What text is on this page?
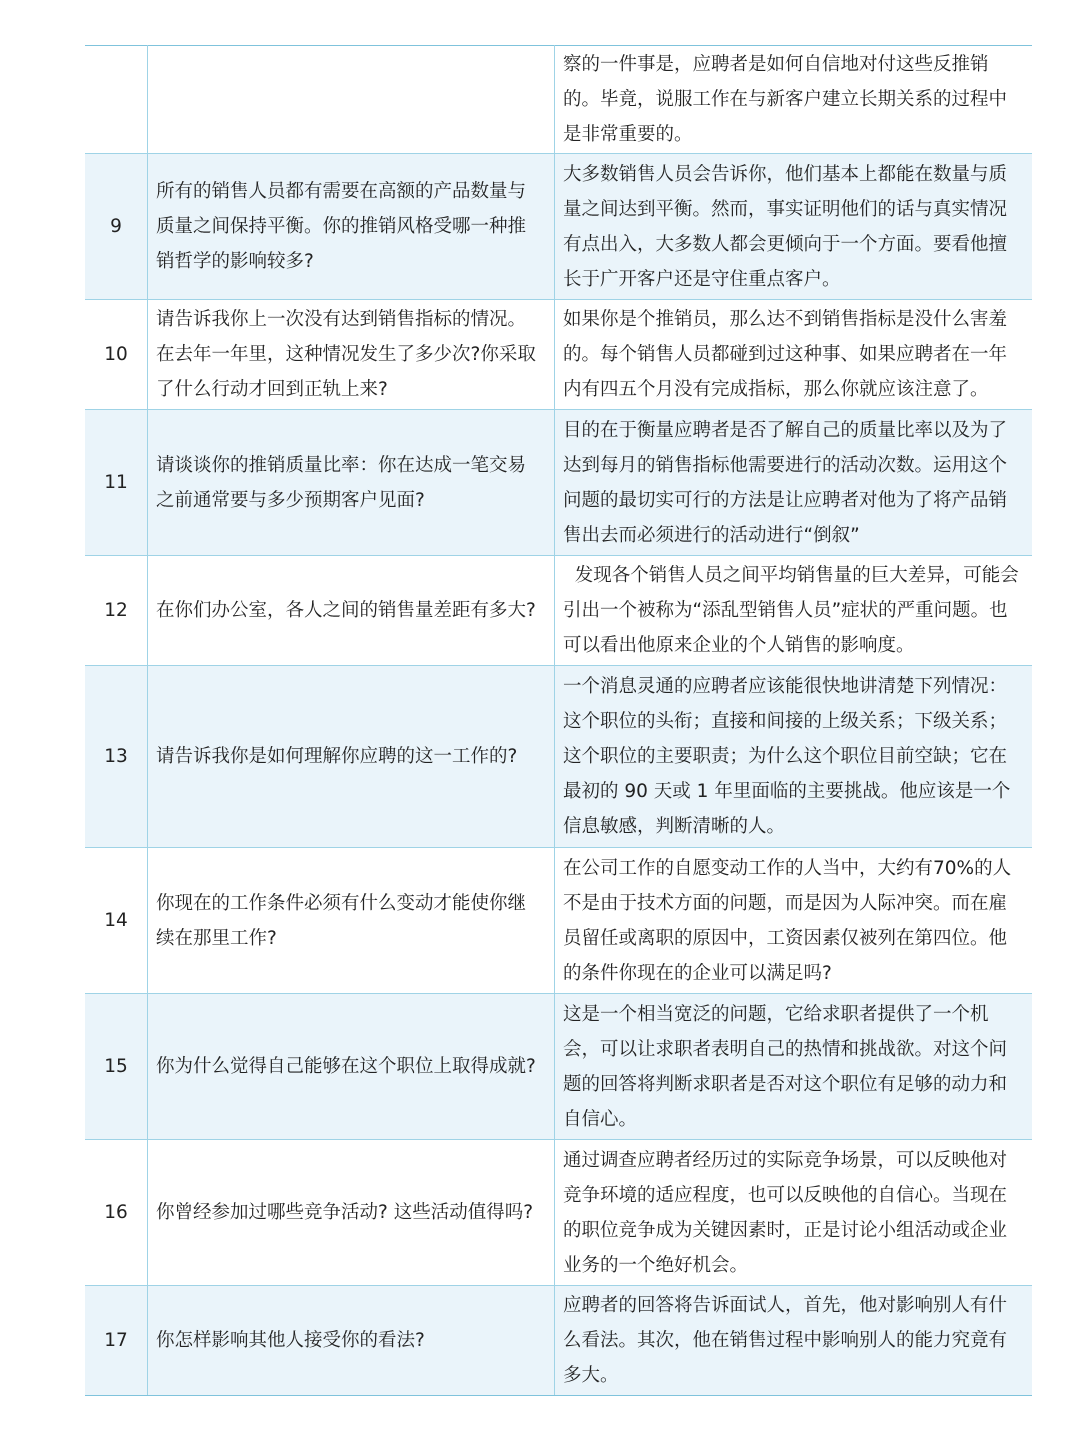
		察的一件事是，应聘者是如何自信地对付这些反推销的。毕竟，说服工作在与新客户建立长期关系的过程中是非常重要的。

9	所有的销售人员都有需要在高额的产品数量与质量之间保持平衡。你的推销风格受哪一种推销哲学的影响较多?	大多数销售人员会告诉你，他们基本上都能在数量与质量之间达到平衡。然而，事实证明他们的话与真实情况有点出入，大多数人都会更倾向于一个方面。要看他擅长于广开客户还是守住重点客户。

10	请告诉我你上一次没有达到销售指标的情况。在去年一年里，这种情况发生了多少次?你采取了什么行动才回到正轨上来?	如果你是个推销员，那么达不到销售指标是没什么害羞的。每个销售人员都碰到过这种事、如果应聘者在一年内有四五个月没有完成指标，那么你就应该注意了。

11	请谈谈你的推销质量比率：你在达成一笔交易之前通常要与多少预期客户见面?	目的在于衡量应聘者是否了解自己的质量比率以及为了达到每月的销售指标他需要进行的活动次数。运用这个问题的最切实可行的方法是让应聘者对他为了将产品销售出去而必须进行的活动进行“倒叙”

12	在你们办公室，各人之间的销售量差距有多大?	发现各个销售人员之间平均销售量的巨大差异，可能会引出一个被称为“添乱型销售人员”症状的严重问题。也可以看出他原来企业的个人销售的影响度。

13	请告诉我你是如何理解你应聘的这一工作的?	一个消息灵通的应聘者应该能很快地讲清楚下列情况：这个职位的头衔；直接和间接的上级关系；下级关系；这个职位的主要职责；为什么这个职位目前空缺；它在最初的 90 天或 1 年里面临的主要挑战。他应该是一个信息敏感，判断清晰的人。

14	你现在的工作条件必须有什么变动才能使你继续在那里工作?	在公司工作的自愿变动工作的人当中，大约有70%的人不是由于技术方面的问题，而是因为人际冲突。而在雇员留任或离职的原因中，工资因素仅被列在第四位。他的条件你现在的企业可以满足吗?

15	你为什么觉得自己能够在这个职位上取得成就?	这是一个相当宽泛的问题，它给求职者提供了一个机会，可以让求职者表明自己的热情和挑战欲。对这个问题的回答将判断求职者是否对这个职位有足够的动力和自信心。

16	你曾经参加过哪些竞争活动? 这些活动值得吗?	通过调查应聘者经历过的实际竞争场景，可以反映他对竞争环境的适应程度，也可以反映他的自信心。当现在的职位竞争成为关键因素时，正是讨论小组活动或企业业务的一个绝好机会。

17	你怎样影响其他人接受你的看法?	应聘者的回答将告诉面试人，首先，他对影响别人有什么看法。其次，他在销售过程中影响别人的能力究竟有多大。
